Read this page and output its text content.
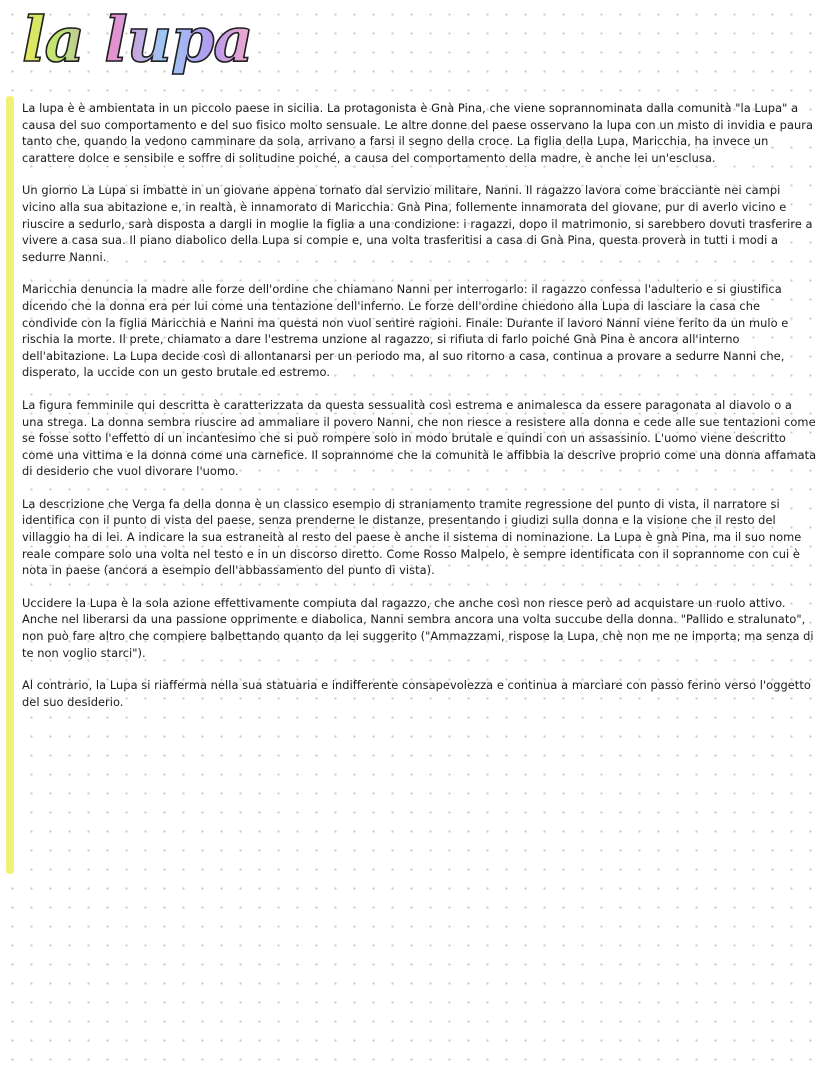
la lupa

La lupa è è ambientata in un piccolo paese in sicilia. La protagonista è Gnà Pina, che viene soprannominata dalla comunità "la Lupa" a causa del suo comportamento e del suo fisico molto sensuale. Le altre donne del paese osservano la lupa con un misto di invidia e paura tanto che, quando la vedono camminare da sola, arrivano a farsi il segno della croce. La figlia della Lupa, Maricchia, ha invece un carattere dolce e sensibile e soffre di solitudine poiché, a causa del comportamento della madre, è anche lei un'esclusa.

Un giorno La Lupa si imbatte in un giovane appena tornato dal servizio militare, Nanni. Il ragazzo lavora come bracciante nei campi vicino alla sua abitazione e, in realtà, è innamorato di Maricchia. Gnà Pina, follemente innamorata del giovane, pur di averlo vicino e riuscire a sedurlo, sarà disposta a dargli in moglie la figlia a una condizione: i ragazzi, dopo il matrimonio, si sarebbero dovuti trasferire a vivere a casa sua. Il piano diabolico della Lupa si compie e, una volta trasferitisi a casa di Gnà Pina, questa proverà in tutti i modi a sedurre Nanni.

Maricchia denuncia la madre alle forze dell'ordine che chiamano Nanni per interrogarlo: il ragazzo confessa l'adulterio e si giustifica dicendo che la donna era per lui come una tentazione dell'inferno. Le forze dell'ordine chiedono alla Lupa di lasciare la casa che condivide con la figlia Maricchia e Nanni ma questa non vuol sentire ragioni. Finale: Durante il lavoro Nanni viene ferito da un mulo e rischia la morte. Il prete, chiamato a dare l'estrema unzione al ragazzo, si rifiuta di farlo poiché Gnà Pina è ancora all'interno dell'abitazione. La Lupa decide così di allontanarsi per un periodo ma, al suo ritorno a casa, continua a provare a sedurre Nanni che, disperato, la uccide con un gesto brutale ed estremo.

La figura femminile qui descritta è caratterizzata da questa sessualità così estrema e animalesca da essere paragonata al diavolo o a una strega. La donna sembra riuscire ad ammaliare il povero Nanni, che non riesce a resistere alla donna e cede alle sue tentazioni come se fosse sotto l'effetto di un incantesimo che si può rompere solo in modo brutale e quindi con un assassinio. L'uomo viene descritto come una vittima e la donna come una carnefice. Il soprannome che la comunità le affibbia la descrive proprio come una donna affamata di desiderio che vuol divorare l'uomo.

La descrizione che Verga fa della donna è un classico esempio di straniamento tramite regressione del punto di vista, il narratore si identifica con il punto di vista del paese, senza prenderne le distanze, presentando i giudizi sulla donna e la visione che il resto del villaggio ha di lei. A indicare la sua estraneità al resto del paese è anche il sistema di nominazione. La Lupa è gnà Pina, ma il suo nome reale compare solo una volta nel testo e in un discorso diretto. Come Rosso Malpelo, è sempre identificata con il soprannome con cui è nota in paese (ancora a esempio dell'abbassamento del punto di vista).

Uccidere la Lupa è la sola azione effettivamente compiuta dal ragazzo, che anche così non riesce però ad acquistare un ruolo attivo. Anche nel liberarsi da una passione opprimente e diabolica, Nanni sembra ancora una volta succube della donna. "Pallido e stralunato", non può fare altro che compiere balbettando quanto da lei suggerito ("Ammazzami, rispose la Lupa, chè non me ne importa; ma senza di te non voglio starci").

Al contrario, la Lupa si riafferma nella sua statuaria e indifferente consapevolezza e continua a marciare con passo ferino verso l'oggetto del suo desiderio.
